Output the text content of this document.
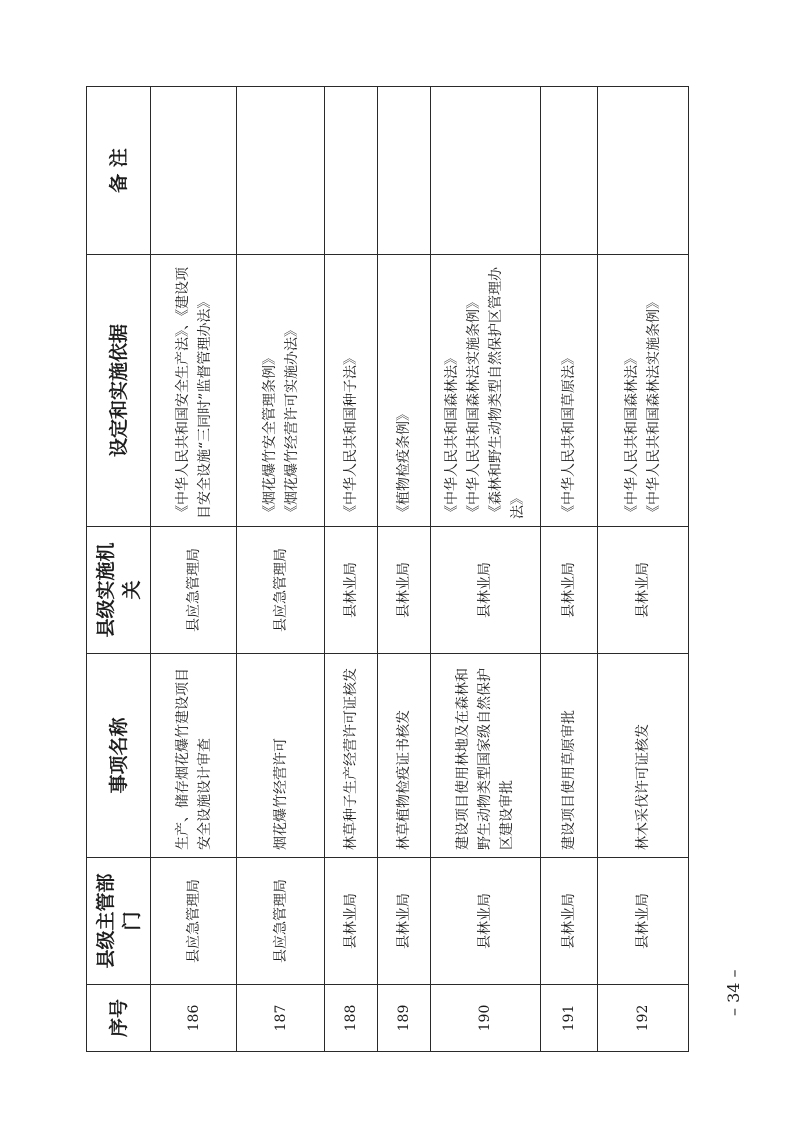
序号	县级主管部门	事项名称	县级实施机关	设定和实施依据	备 注
186	县应急管理局	生产、储存烟花爆竹建设项目安全设施设计审查	县应急管理局	《中华人民共和国安全生产法》、《建设项目安全设施“三同时”监督管理办法》	

187	县应急管理局	烟花爆竹经营许可	县应急管理局	《烟花爆竹安全管理条例》 《烟花爆竹经营许可实施办法》	

188	县林业局	林草种子生产经营许可证核发	县林业局	《中华人民共和国种子法》	

189	县林业局	林草植物检疫证书核发	县林业局	《植物检疫条例》	

190	县林业局	建设项目使用林地及在森林和野生动物类型国家级自然保护区建设审批	县林业局	《中华人民共和国森林法》 《中华人民共和国森林法实施条例》 《森林和野生动物类型自然保护区管理办法》	

191	县林业局	建设项目使用草原审批	县林业局	《中华人民共和国草原法》	

192	县林业局	林木采伐许可证核发	县林业局	《中华人民共和国森林法》 《中华人民共和国森林法实施条例》	

– 34 –
